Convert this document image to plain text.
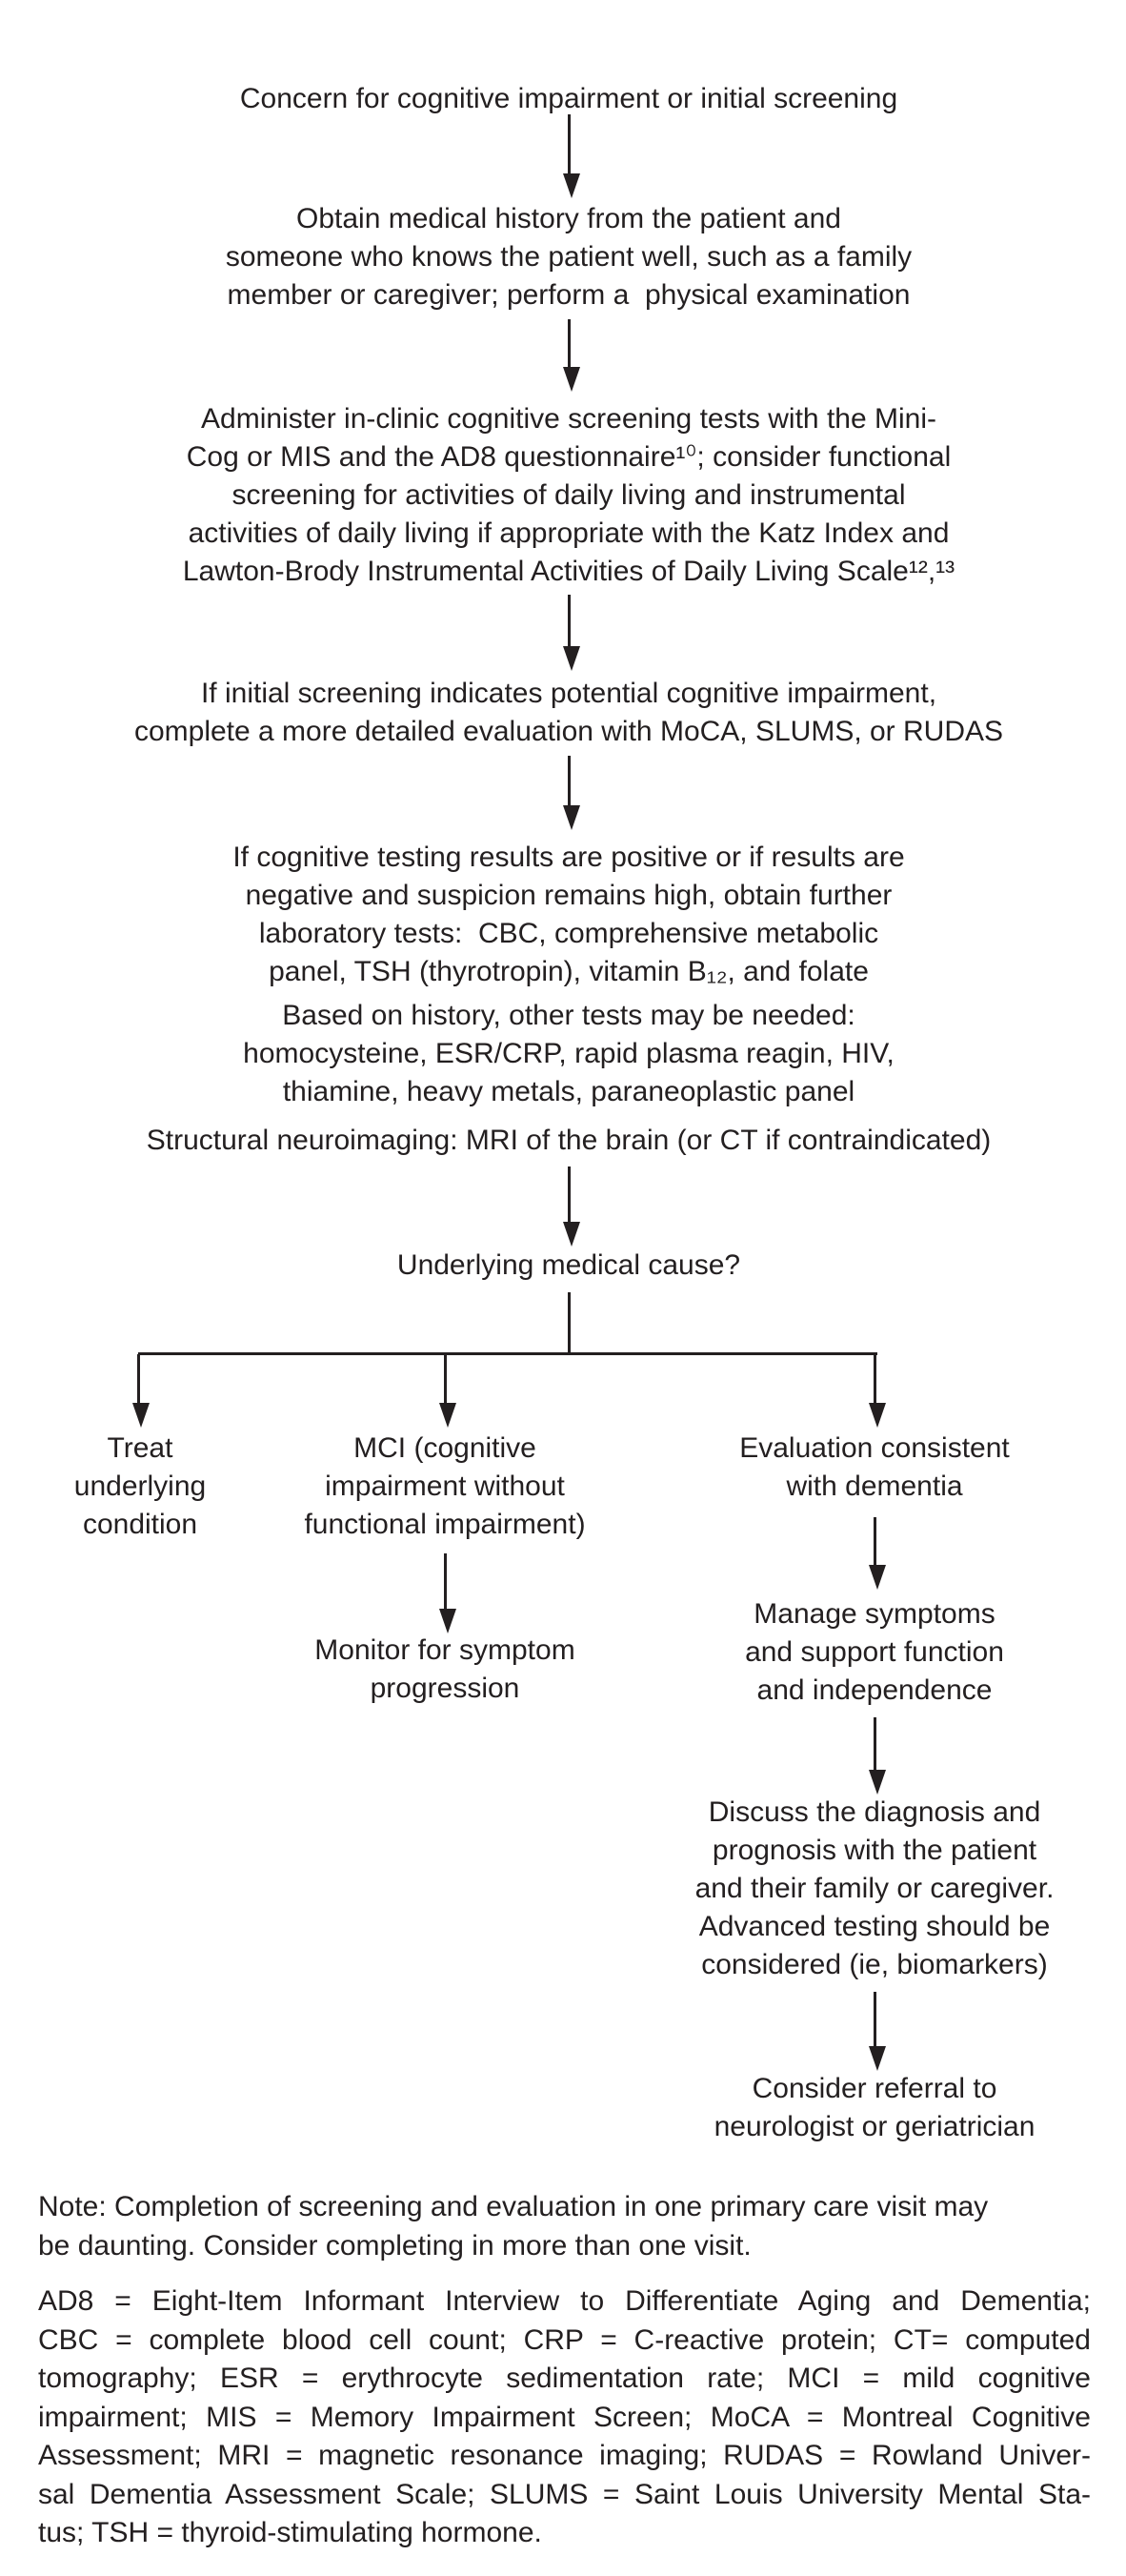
Concern for cognitive impairment or initial screening
Obtain medical history from the patient and
someone who knows the patient well, such as a family
member or caregiver; perform a  physical examination
Administer in-clinic cognitive screening tests with the Mini-
Cog or MIS and the AD8 questionnaire¹⁰; consider functional
screening for activities of daily living and instrumental
activities of daily living if appropriate with the Katz Index and
Lawton-Brody Instrumental Activities of Daily Living Scale¹²,¹³
If initial screening indicates potential cognitive impairment,
complete a more detailed evaluation with MoCA, SLUMS, or RUDAS
If cognitive testing results are positive or if results are
negative and suspicion remains high, obtain further
laboratory tests:  CBC, comprehensive metabolic
panel, TSH (thyrotropin), vitamin B₁₂, and folate
Based on history, other tests may be needed:
homocysteine, ESR/CRP, rapid plasma reagin, HIV,
thiamine, heavy metals, paraneoplastic panel
Structural neuroimaging: MRI of the brain (or CT if contraindicated)
Underlying medical cause?
Treat
underlying
condition
MCI (cognitive
impairment without
functional impairment)
Monitor for symptom
progression
Evaluation consistent
with dementia
Manage symptoms
and support function
and independence
Discuss the diagnosis and
prognosis with the patient
and their family or caregiver.
Advanced testing should be
considered (ie, biomarkers)
Consider referral to
neurologist or geriatrician
Note: Completion of screening and evaluation in one primary care visit may
be daunting. Consider completing in more than one visit.
AD8 = Eight-Item Informant Interview to Differentiate Aging and Dementia;
CBC = complete blood cell count; CRP = C-reactive protein; CT= computed
tomography; ESR = erythrocyte sedimentation rate; MCI = mild cognitive
impairment; MIS = Memory Impairment Screen; MoCA = Montreal Cognitive
Assessment; MRI = magnetic resonance imaging; RUDAS = Rowland Univer-
sal Dementia Assessment Scale; SLUMS = Saint Louis University Mental Sta-
tus; TSH = thyroid-stimulating hormone.
